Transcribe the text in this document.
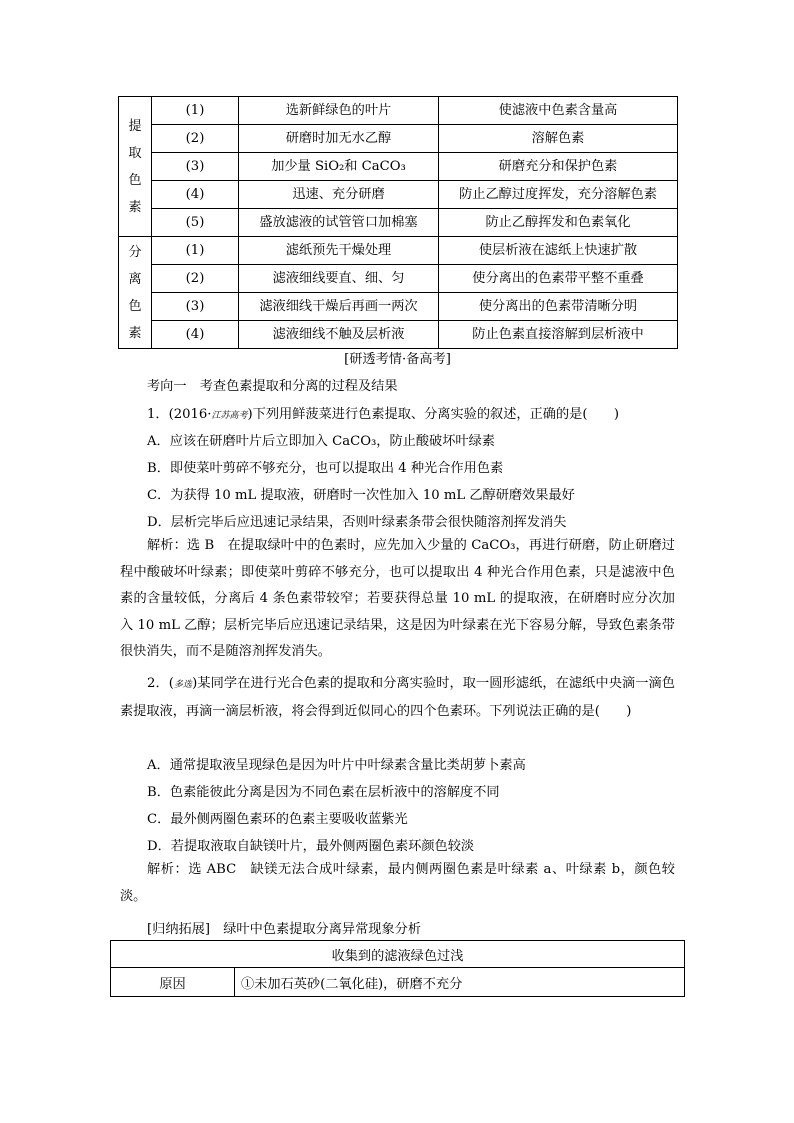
提
取
色
素	(1)	选新鲜绿色的叶片	使滤液中色素含量高
	(2)	研磨时加无水乙醇	溶解色素
	(3)	加少量 SiO₂和 CaCO₃	研磨充分和保护色素
	(4)	迅速、充分研磨	防止乙醇过度挥发，充分溶解色素
	(5)	盛放滤液的试管管口加棉塞	防止乙醇挥发和色素氧化

分
离
色
素	(1)	滤纸预先干燥处理	使层析液在滤纸上快速扩散
	(2)	滤液细线要直、细、匀	使分离出的色素带平整不重叠
	(3)	滤液细线干燥后再画一两次	使分离出的色素带清晰分明
	(4)	滤液细线不触及层析液	防止色素直接溶解到层析液中
[研透考情·备高考]
考向一　考查色素提取和分离的过程及结果
1．(2016·江苏高考)下列用鲜菠菜进行色素提取、分离实验的叙述，正确的是(　　)
A．应该在研磨叶片后立即加入 CaCO₃，防止酸破坏叶绿素
B．即使菜叶剪碎不够充分，也可以提取出 4 种光合作用色素
C．为获得 10 mL 提取液，研磨时一次性加入 10 mL 乙醇研磨效果最好
D．层析完毕后应迅速记录结果，否则叶绿素条带会很快随溶剂挥发消失
解析：选 B　在提取绿叶中的色素时，应先加入少量的 CaCO₃，再进行研磨，防止研磨过程中酸破坏叶绿素；即使菜叶剪碎不够充分，也可以提取出 4 种光合作用色素，只是滤液中色素的含量较低，分离后 4 条色素带较窄；若要获得总量 10 mL 的提取液，在研磨时应分次加入 10 mL 乙醇；层析完毕后应迅速记录结果，这是因为叶绿素在光下容易分解，导致色素条带很快消失，而不是随溶剂挥发消失。
2．(多选)某同学在进行光合色素的提取和分离实验时，取一圆形滤纸，在滤纸中央滴一滴色素提取液，再滴一滴层析液，将会得到近似同心的四个色素环。下列说法正确的是(　　)
A．通常提取液呈现绿色是因为叶片中叶绿素含量比类胡萝卜素高
B．色素能彼此分离是因为不同色素在层析液中的溶解度不同
C．最外侧两圈色素环的色素主要吸收蓝紫光
D．若提取液取自缺镁叶片，最外侧两圈色素环颜色较淡
解析：选 ABC　缺镁无法合成叶绿素，最内侧两圈色素是叶绿素 a、叶绿素 b，颜色较淡。
[归纳拓展]　绿叶中色素提取分离异常现象分析
收集到的滤液绿色过浅
原因	①未加石英砂(二氧化硅)，研磨不充分
